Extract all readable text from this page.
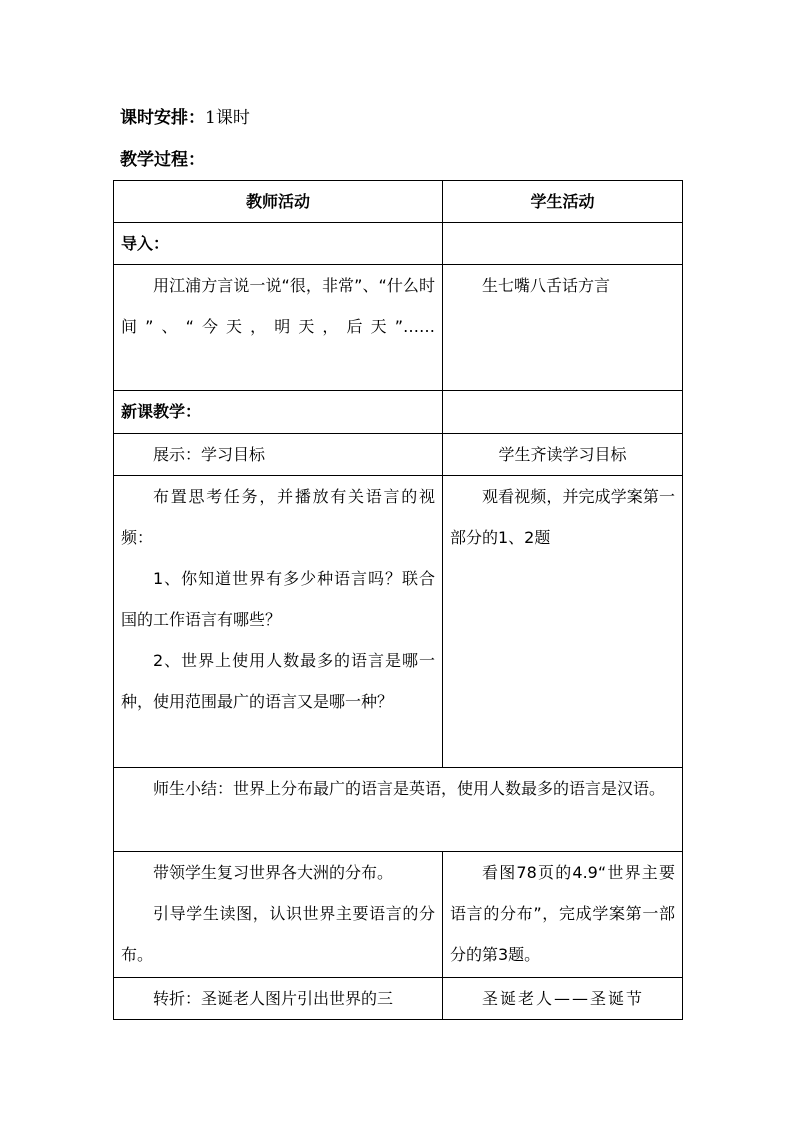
课时安排：1课时
教学过程：
教师活动	学生活动
导入：	

用江浦方言说一说“很，非常”、“什么时间”、“今天，明天，后天”……	生七嘴八舌话方言

新课教学：	

展示：学习目标	学生齐读学习目标

布置思考任务，并播放有关语言的视频：

1、你知道世界有多少种语言吗？联合国的工作语言有哪些？

2、世界上使用人数最多的语言是哪一种，使用范围最广的语言又是哪一种？	观看视频，并完成学案第一部分的1、2题

师生小结：世界上分布最广的语言是英语，使用人数最多的语言是汉语。	

带领学生复习世界各大洲的分布。

引导学生读图，认识世界主要语言的分布。	看图78页的4.9“世界主要语言的分布”，完成学案第一部分的第3题。

转折：圣诞老人图片引出世界的三	圣诞老人——圣诞节
